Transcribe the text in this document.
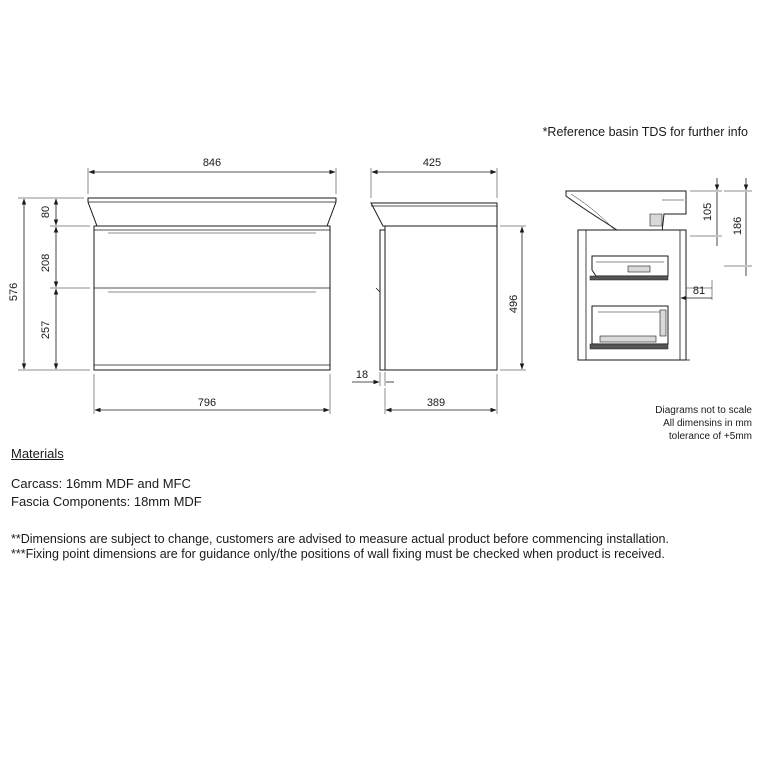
*Reference basin TDS for further info
846
796
80
208
257
576
425
496
18
389
105
186
81
Diagrams not to scale
All dimensins in mm
tolerance of +5mm

Materials

Carcass: 16mm MDF and MFC

Fascia Components: 18mm MDF

**Dimensions are subject to change, customers are advised to measure actual product before commencing installation.

***Fixing point dimensions are for guidance only/the positions of wall fixing must be checked when product is received.
